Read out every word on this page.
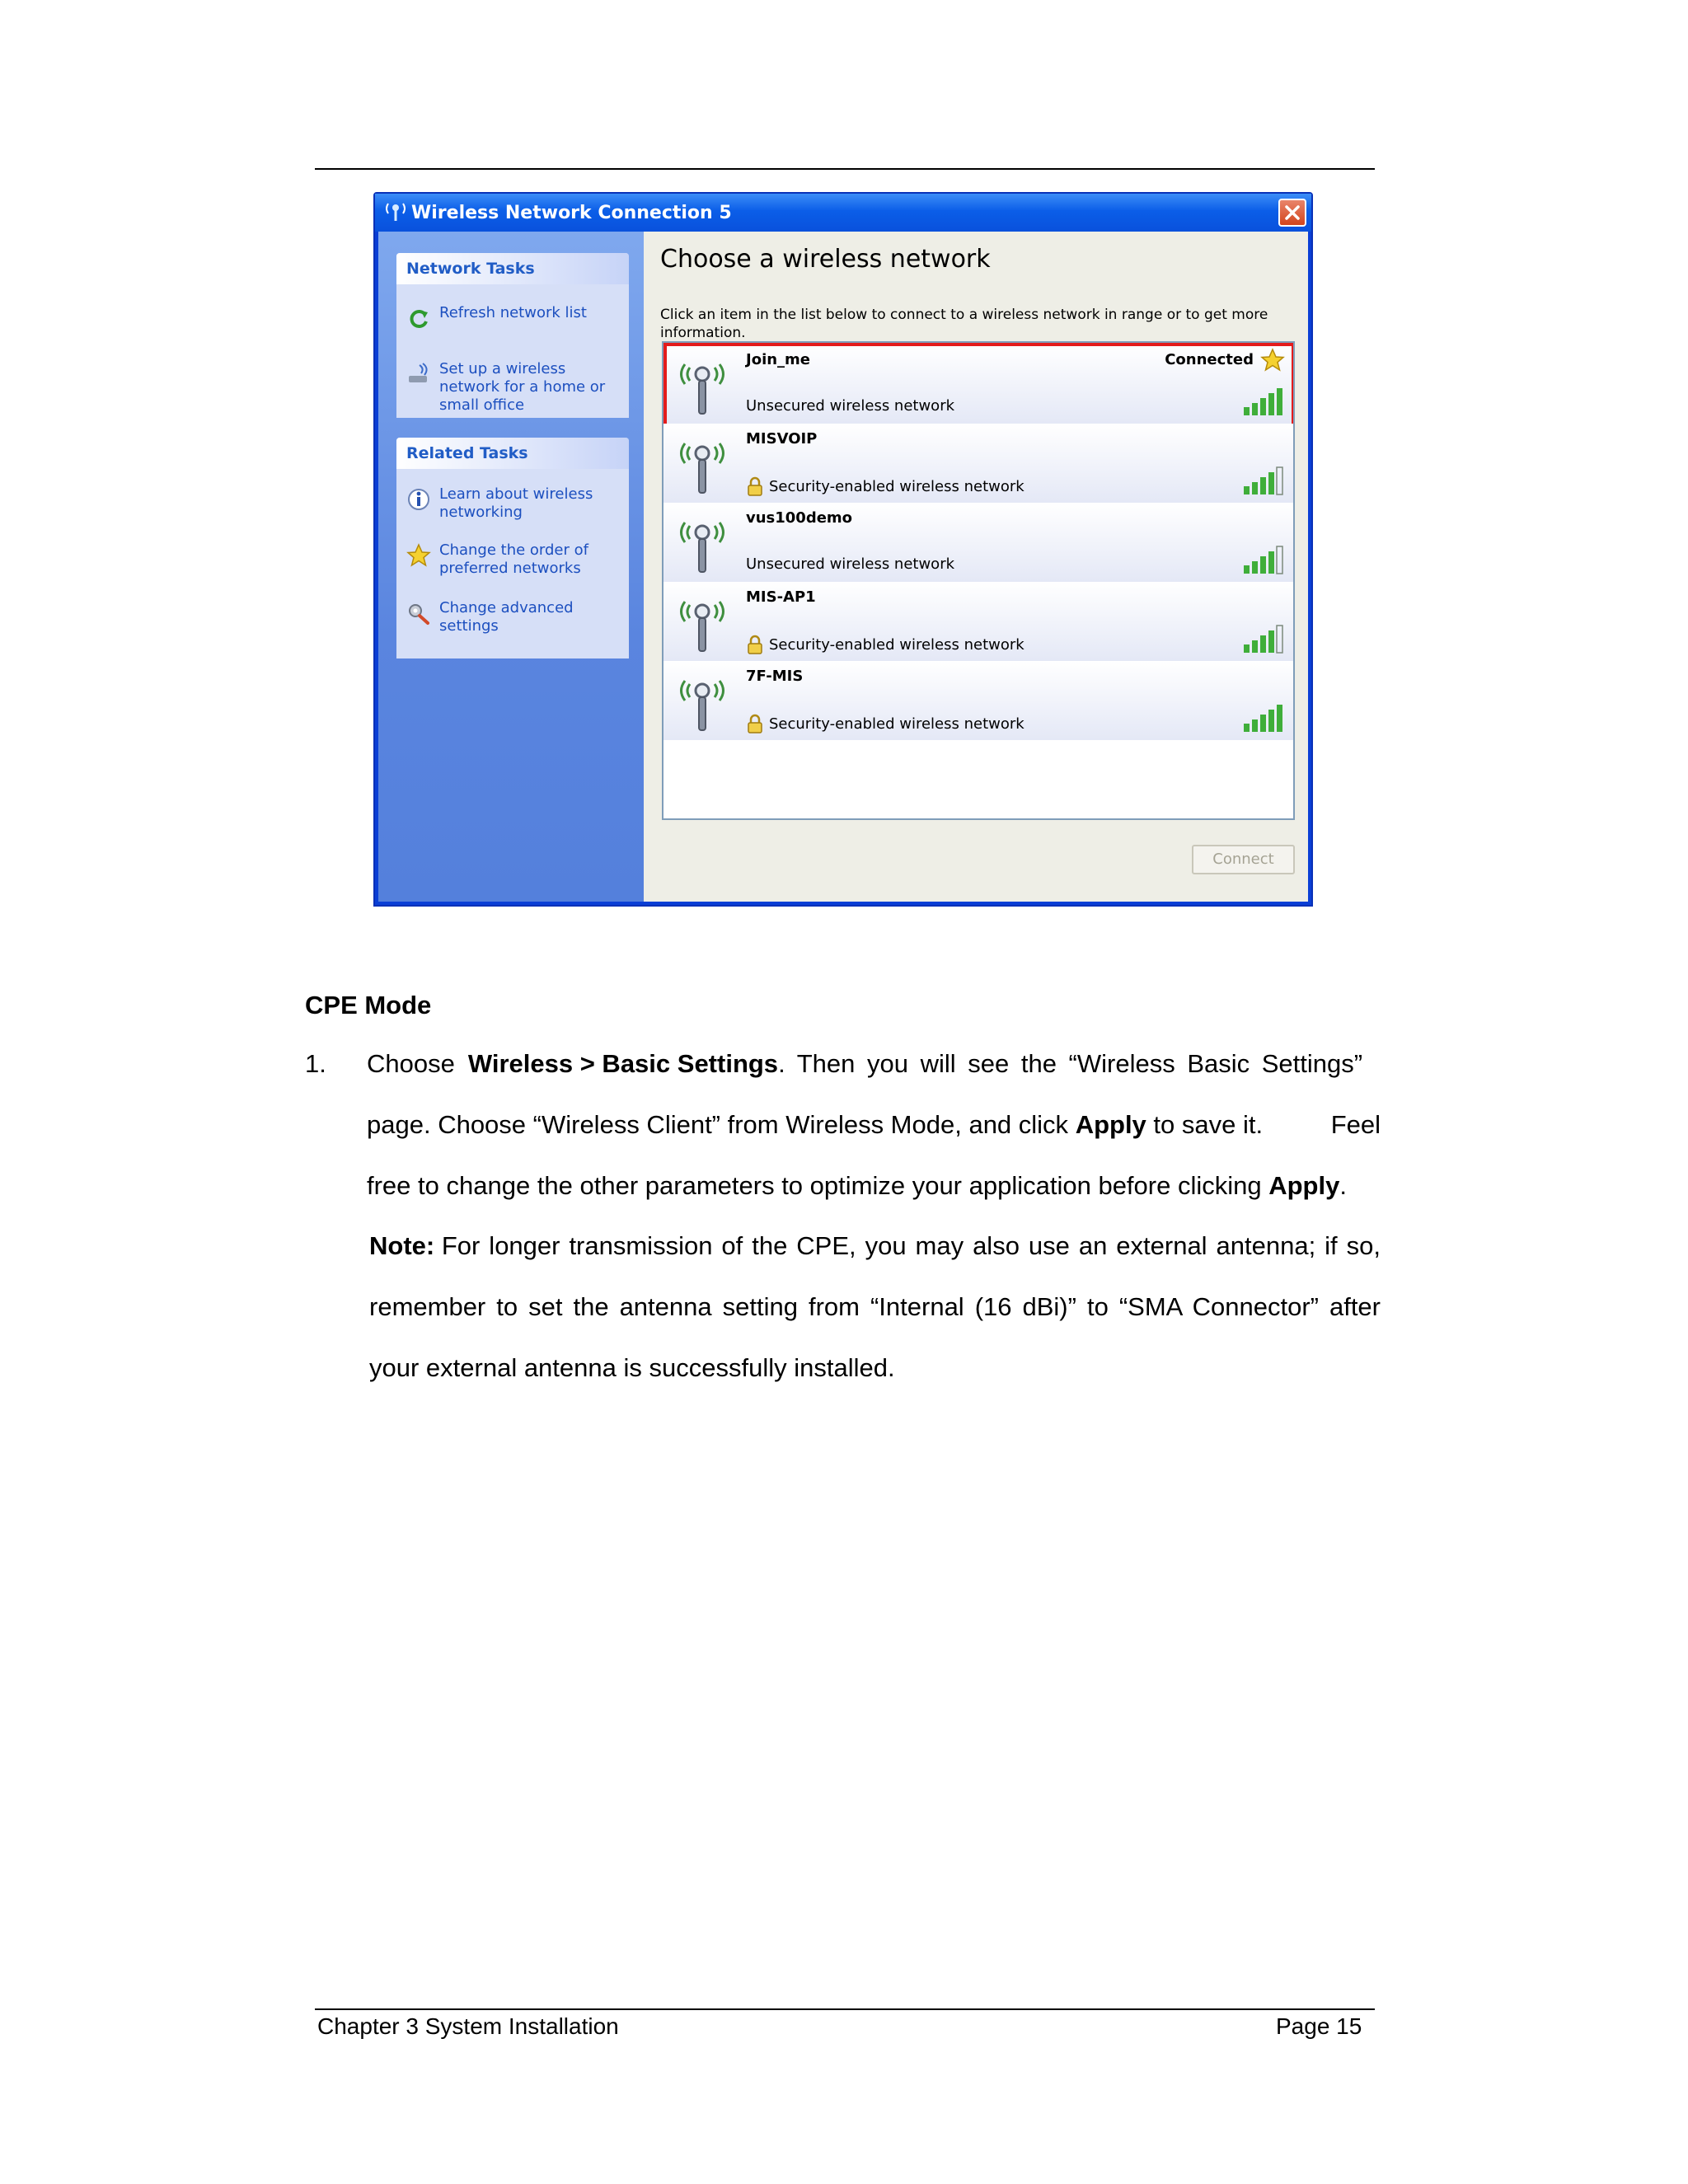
Wireless Network Connection 5
Network Tasks
Refresh network list
Set up a wireless network for a home or small office
Related Tasks
Learn about wireless networking
Change the order of preferred networks
Change advanced settings
Choose a wireless network
Click an item in the list below to connect to a wireless network in range or to get more information.
Join_me
Unsecured wireless network
Connected
MISVOIP
Security-enabled wireless network
vus100demo
Unsecured wireless network
MIS-AP1
Security-enabled wireless network
7F-MIS
Security-enabled wireless network
Connect
CPE Mode
1. Choose Wireless > Basic Settings. Then you will see the “Wireless Basic Settings”
page. Choose “Wireless Client” from Wireless Mode, and click Apply to save it.	Feel
free to change the other parameters to optimize your application before clicking Apply.
Note:
For longer transmission of the CPE, you may also use an external antenna; if so,
remember to set the antenna setting from “Internal (16 dBi)” to “SMA Connector” after
your external antenna is successfully installed.
Chapter 3 System Installation	Page 15
